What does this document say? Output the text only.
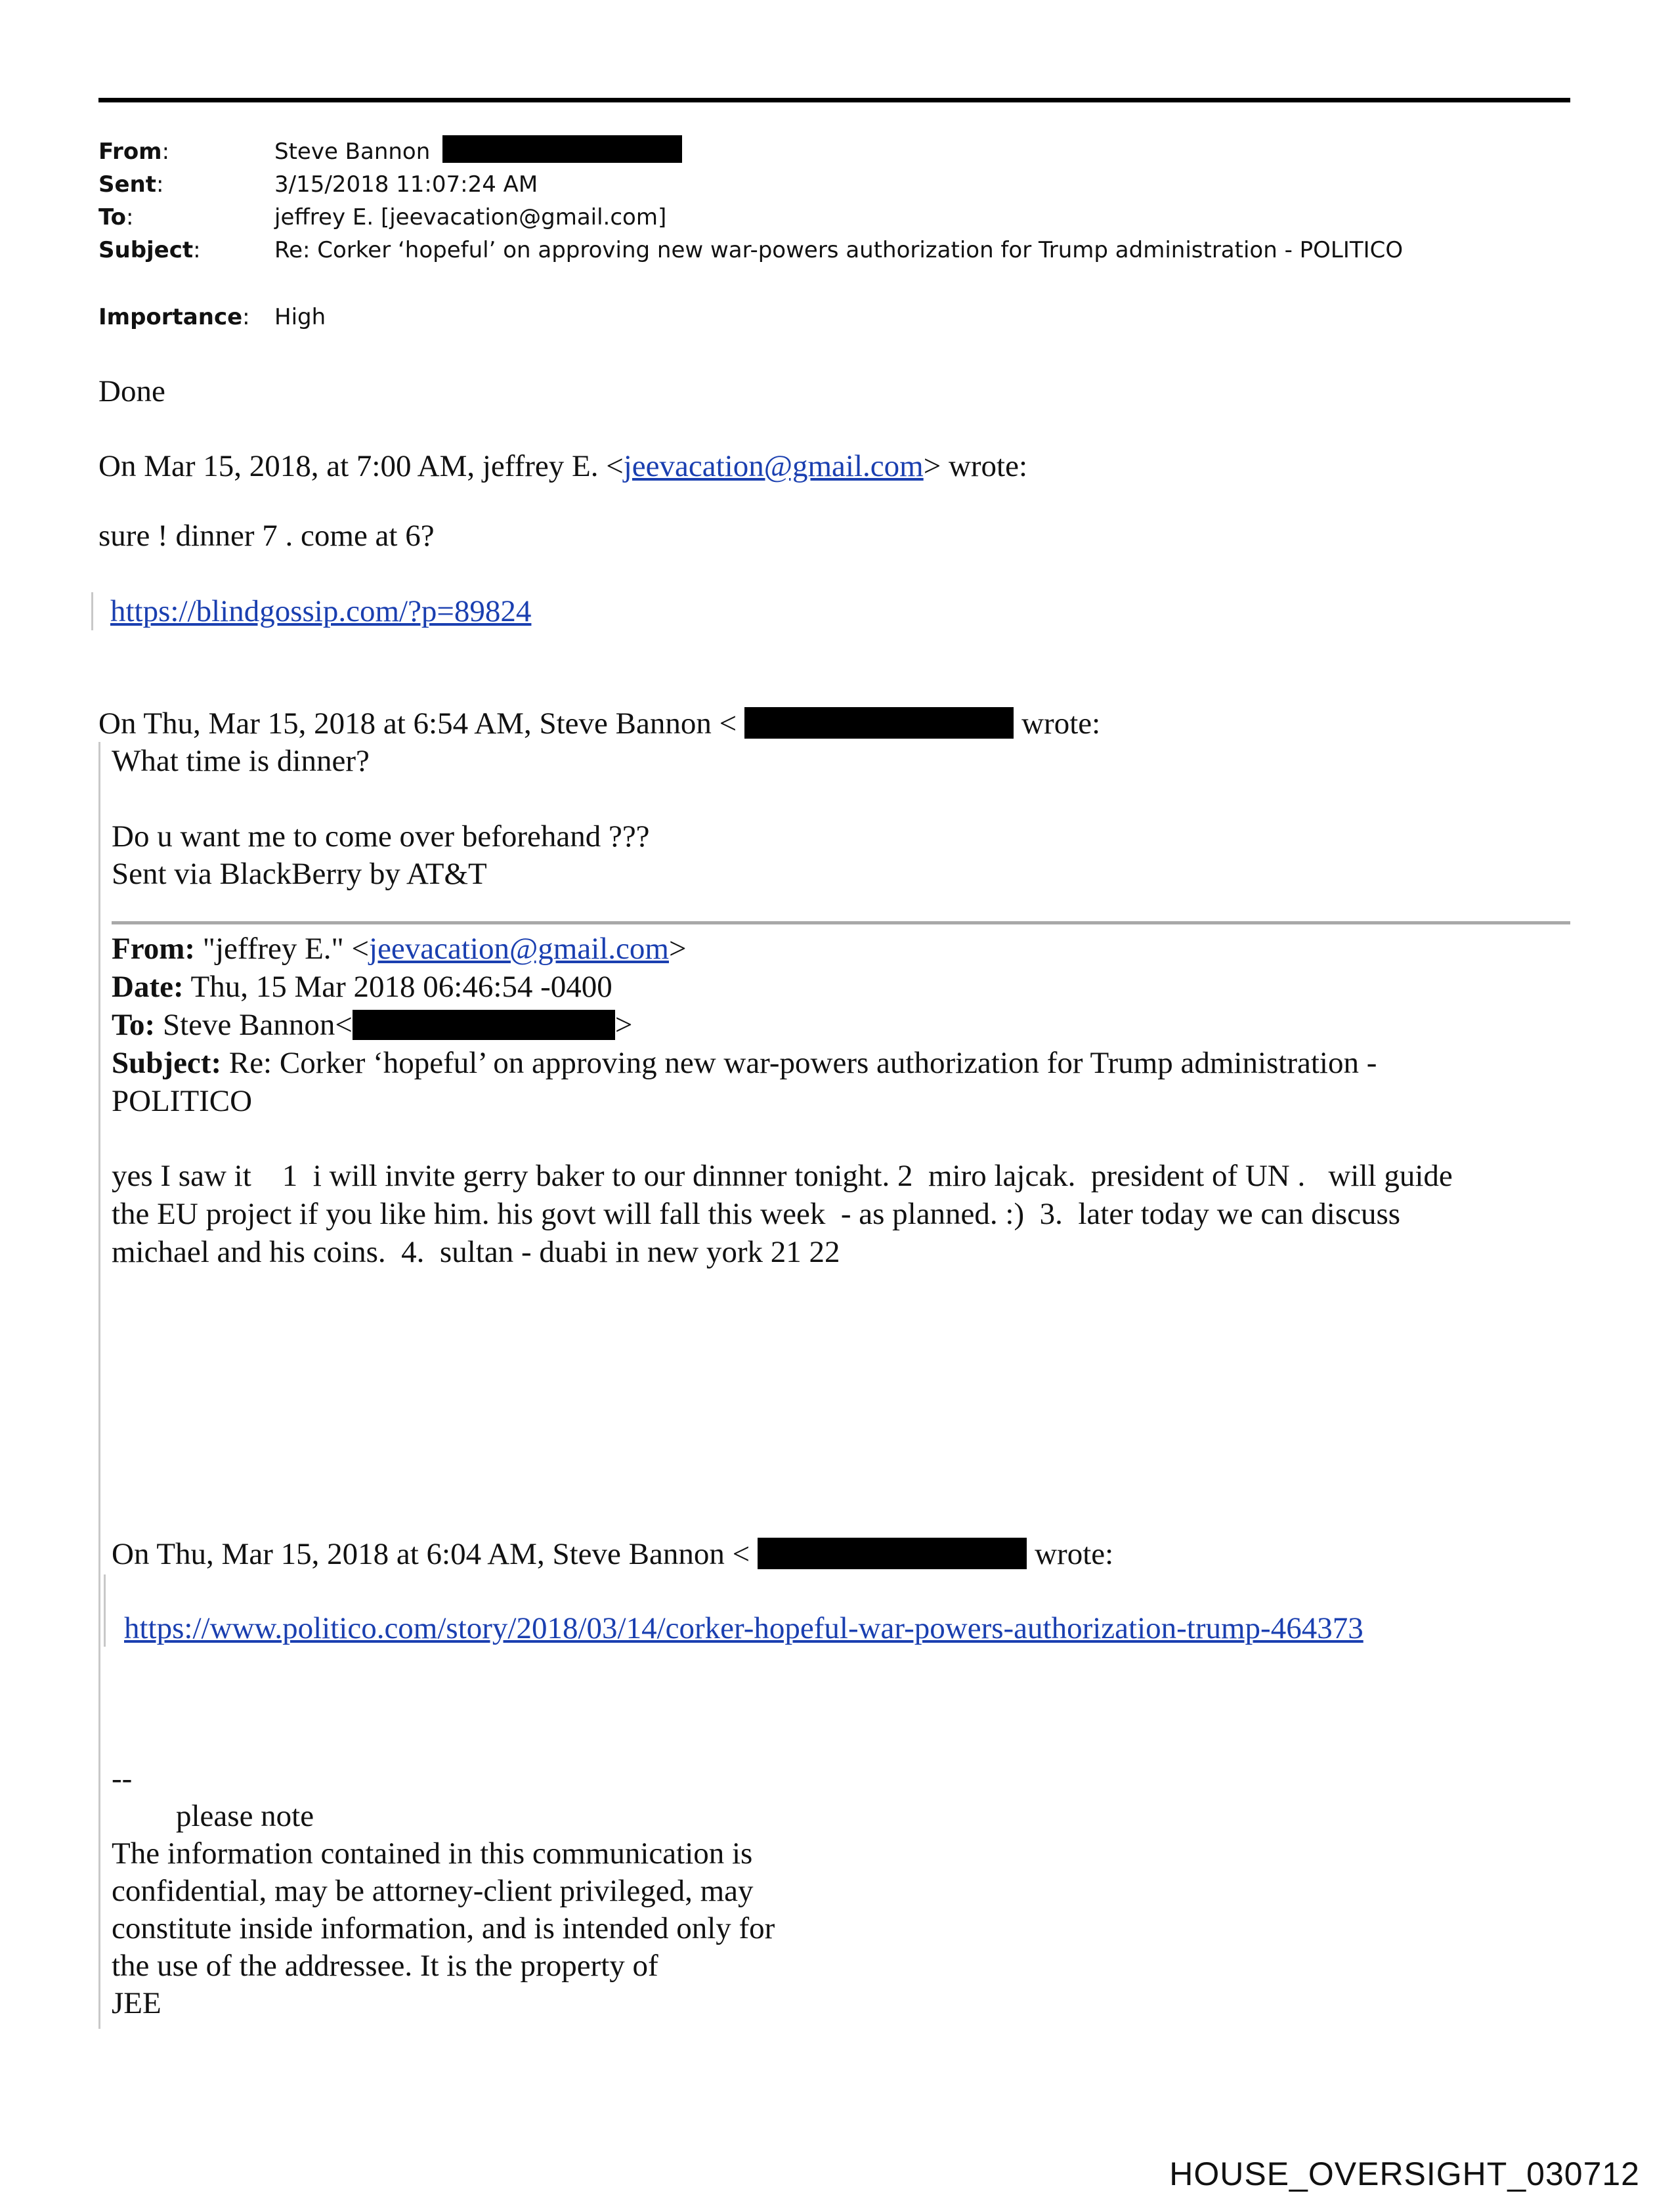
From:	Steve Bannon
Sent:	3/15/2018 11:07:24 AM
To:	jeffrey E. [jeevacation@gmail.com]
Subject:	Re: Corker ‘hopeful’ on approving new war-powers authorization for Trump administration - POLITICO
Importance: High
Done
On Mar 15, 2018, at 7:00 AM, jeffrey E. <jeevacation@gmail.com> wrote:
sure ! dinner 7 . come at 6?
https://blindgossip.com/?p=89824
On Thu, Mar 15, 2018 at 6:54 AM, Steve Bannon <	wrote:
What time is dinner?
Do u want me to come over beforehand ???
Sent via BlackBerry by AT&T
From: "jeffrey E." <jeevacation@gmail.com>
Date: Thu, 15 Mar 2018 06:46:54 -0400
To: Steve Bannon<	>
Subject: Re: Corker ‘hopeful’ on approving new war-powers authorization for Trump administration -
POLITICO
yes I saw it    1  i will invite gerry baker to our dinnner tonight. 2  miro lajcak.  president of UN .   will guide
the EU project if you like him. his govt will fall this week  - as planned. :)  3.  later today we can discuss
michael and his coins.  4.  sultan - duabi in new york 21 22
On Thu, Mar 15, 2018 at 6:04 AM, Steve Bannon <	wrote:
https://www.politico.com/story/2018/03/14/corker-hopeful-war-powers-authorization-trump-464373
--
please note
The information contained in this communication is
confidential, may be attorney-client privileged, may
constitute inside information, and is intended only for
the use of the addressee. It is the property of
JEE
HOUSE_OVERSIGHT_030712
